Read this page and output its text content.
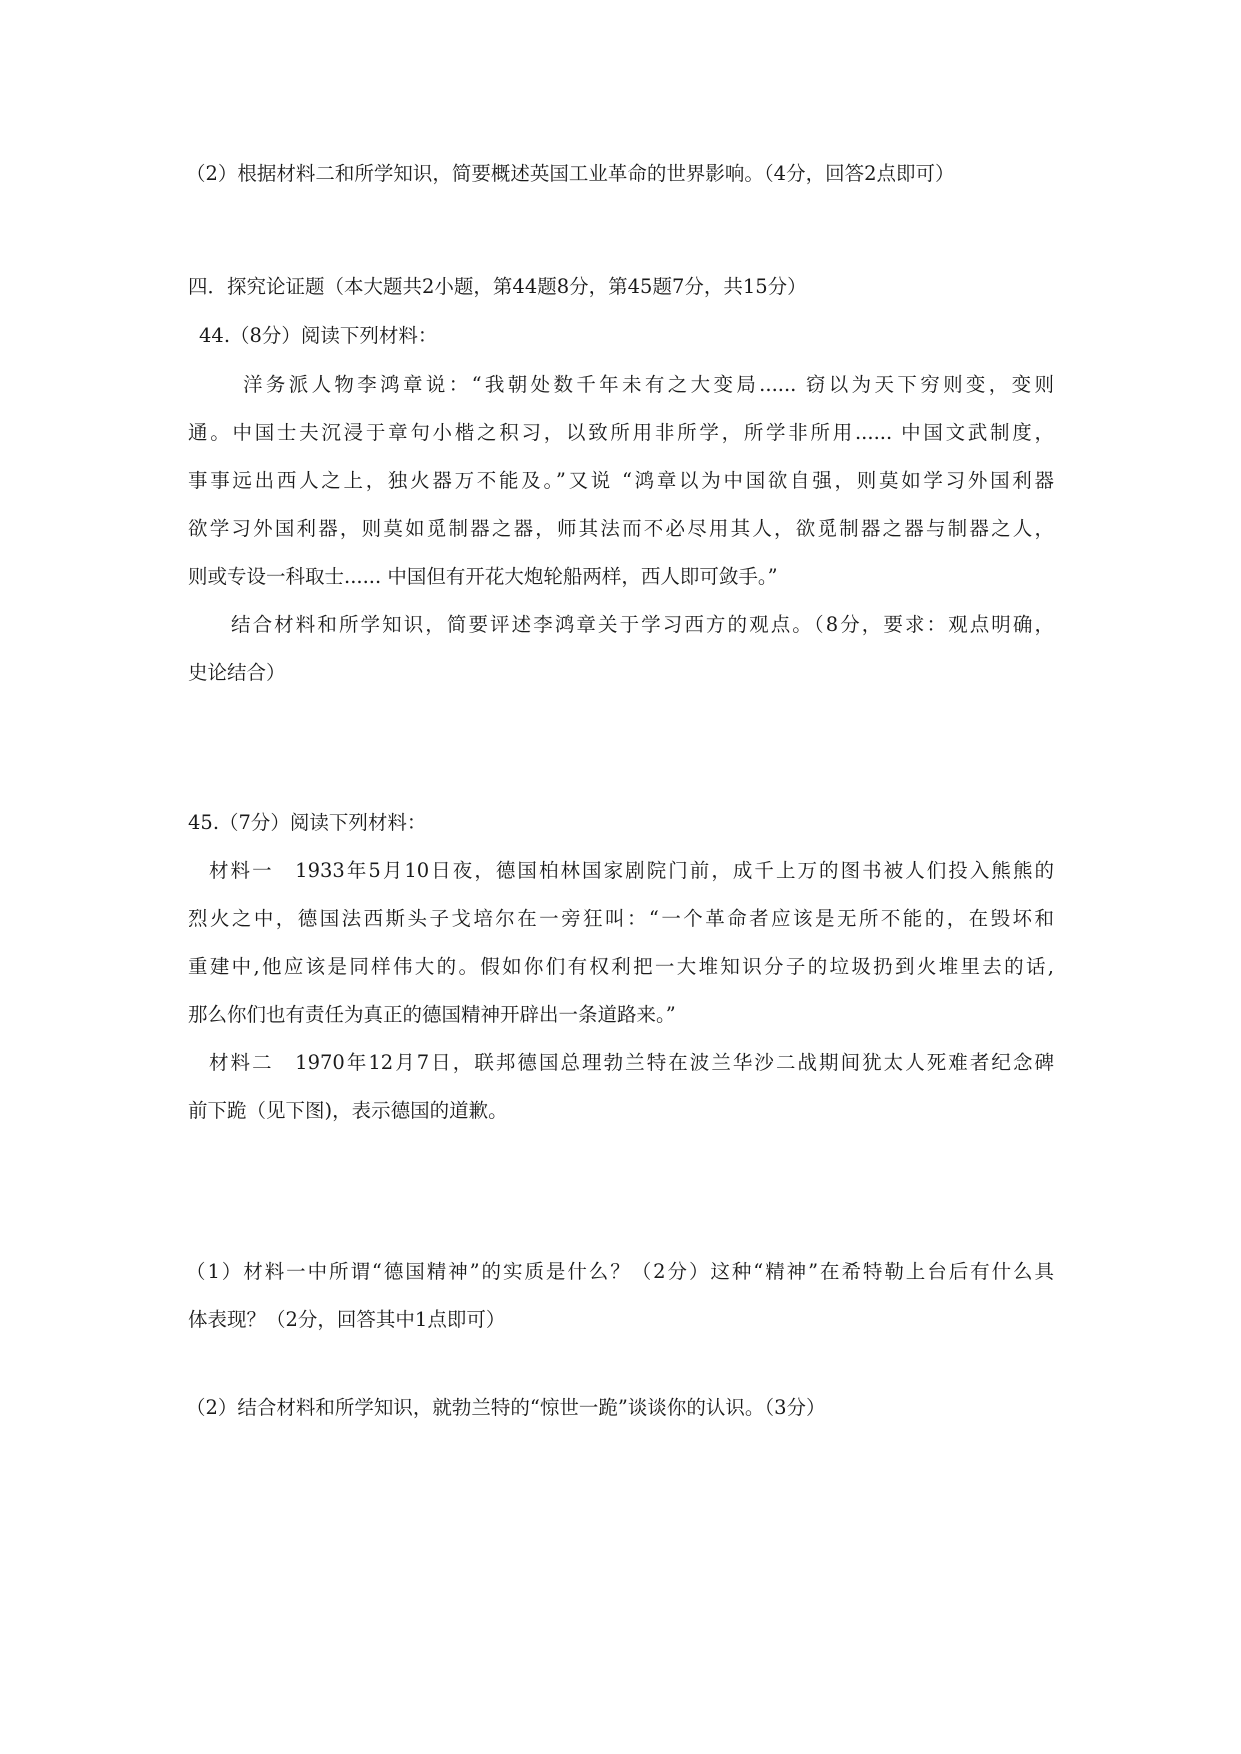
（2）根据材料二和所学知识，简要概述英国工业革命的世界影响。（4分，回答2点即可）
四．探究论证题（本大题共2小题，第44题8分，第45题7分，共15分）
44.（8分）阅读下列材料：
洋务派人物李鸿章说：“我朝处数千年未有之大变局...... 窃以为天下穷则变，变则
通。中国士夫沉浸于章句小楷之积习，以致所用非所学，所学非所用...... 中国文武制度，
事事远出西人之上，独火器万不能及。”又说 “鸿章以为中国欲自强，则莫如学习外国利器
欲学习外国利器，则莫如觅制器之器，师其法而不必尽用其人，欲觅制器之器与制器之人，
则或专设一科取士...... 中国但有开花大炮轮船两样，西人即可敛手。”
结合材料和所学知识，简要评述李鸿章关于学习西方的观点。（8分，要求：观点明确，
史论结合）
45.（7分）阅读下列材料：
材料一　1933年5月10日夜，德国柏林国家剧院门前，成千上万的图书被人们投入熊熊的
烈火之中，德国法西斯头子戈培尔在一旁狂叫：“一个革命者应该是无所不能的，在毁坏和
重建中,他应该是同样伟大的。假如你们有权利把一大堆知识分子的垃圾扔到火堆里去的话,
那么你们也有责任为真正的德国精神开辟出一条道路来。”
材料二　1970年12月7日，联邦德国总理勃兰特在波兰华沙二战期间犹太人死难者纪念碑
前下跪（见下图)，表示德国的道歉。
（1）材料一中所谓“德国精神”的实质是什么？（2分）这种“精神”在希特勒上台后有什么具
体表现？（2分，回答其中1点即可）
（2）结合材料和所学知识，就勃兰特的“惊世一跪”谈谈你的认识。（3分）
